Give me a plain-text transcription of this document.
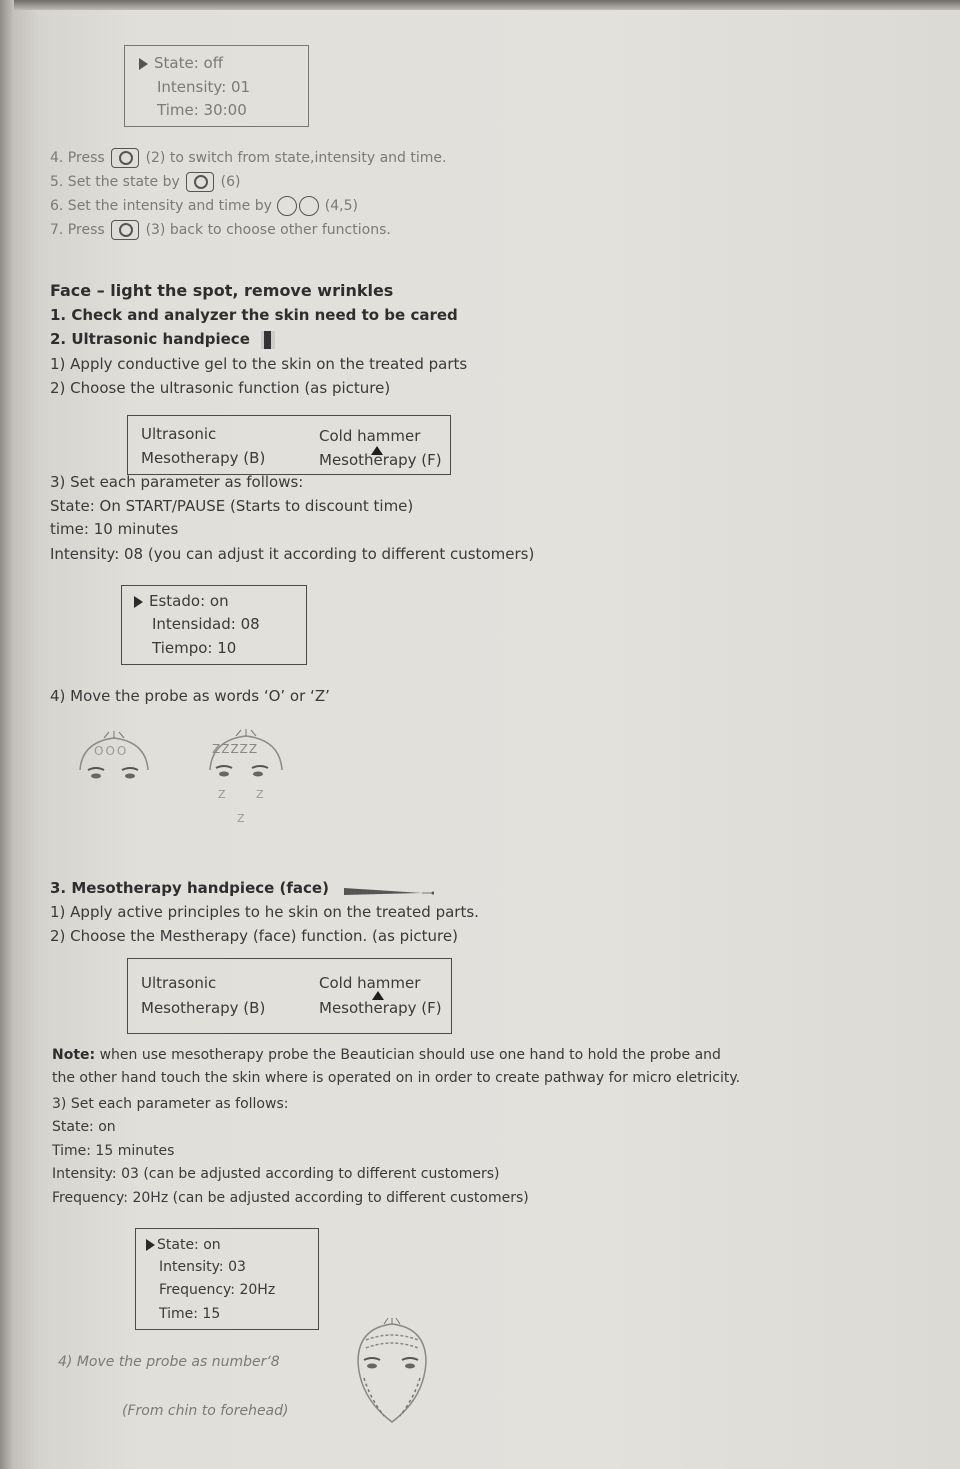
State: off
Intensity: 01
Time: 30:00
4. Press	(2) to switch from state,intensity and time.
5. Set the state by	(6)
6. Set the intensity and time by	(4,5)
7. Press	(3) back to choose other functions.
Face – light the spot, remove wrinkles
1. Check and analyzer the skin need to be cared
2. Ultrasonic handpiece
1) Apply conductive gel to the skin on the treated parts
2) Choose the ultrasonic function (as picture)
Ultrasonic	Cold hammer
Mesotherapy (B)	Mesotherapy (F)
3) Set each parameter as follows:
State: On START/PAUSE (Starts to discount time)
time: 10 minutes
Intensity: 08 (you can adjust it according to different customers)
Estado: on
Intensidad: 08
Tiempo: 10
4) Move the probe as words ‘O’ or ‘Z’
OOO	ZZZZZ
Z	Z
Z
3. Mesotherapy handpiece (face)
1) Apply active principles to he skin on the treated parts.
2) Choose the Mestherapy (face) function. (as picture)
Ultrasonic	Cold hammer
Mesotherapy (B)	Mesotherapy (F)
Note: when use mesotherapy probe the Beautician should use one hand to hold the probe and
the other hand touch the skin where is operated on in order to create pathway for micro eletricity.
3) Set each parameter as follows:
State: on
Time: 15 minutes
Intensity: 03 (can be adjusted according to different customers)
Frequency: 20Hz (can be adjusted according to different customers)
State: on
Intensity: 03
Frequency: 20Hz
Time: 15
4) Move the probe as number‘8
(From chin to forehead)
